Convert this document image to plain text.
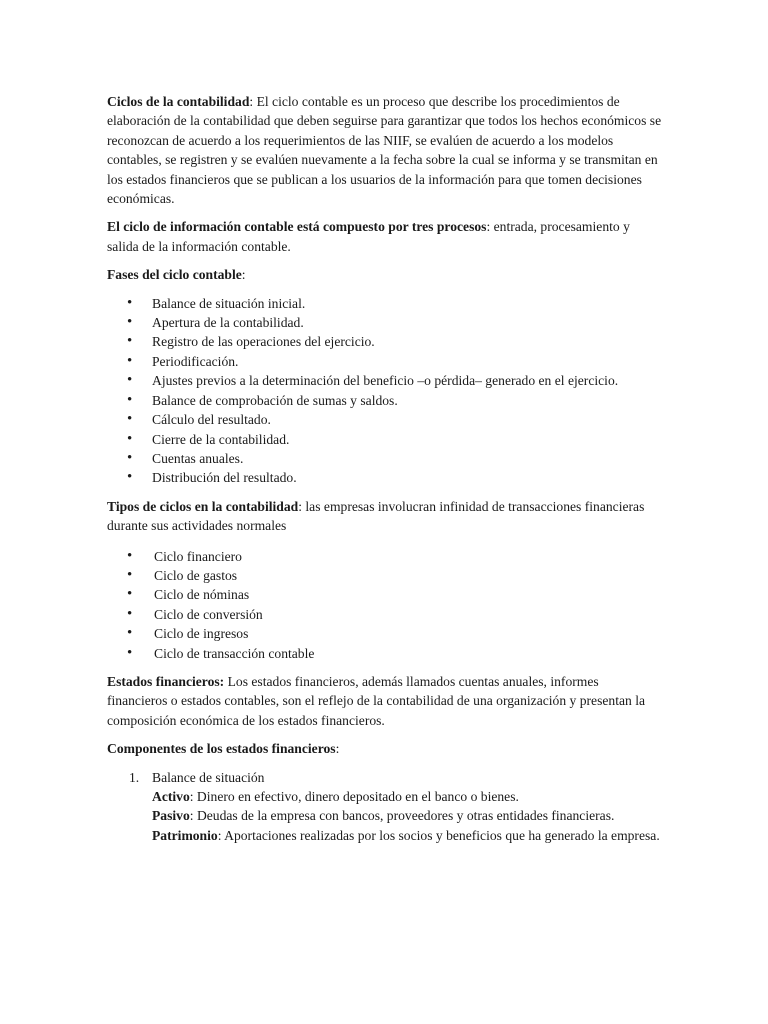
Ciclos de la contabilidad: El ciclo contable es un proceso que describe los procedimientos de elaboración de la contabilidad que deben seguirse para garantizar que todos los hechos económicos se reconozcan de acuerdo a los requerimientos de las NIIF, se evalúen de acuerdo a los modelos contables, se registren y se evalúen nuevamente a la fecha sobre la cual se informa y se transmitan en los estados financieros que se publican a los usuarios de la información para que tomen decisiones económicas.

El ciclo de información contable está compuesto por tres procesos: entrada, procesamiento y salida de la información contable.

Fases del ciclo contable:

• Balance de situación inicial.
• Apertura de la contabilidad.
• Registro de las operaciones del ejercicio.
• Periodificación.
• Ajustes previos a la determinación del beneficio –o pérdida– generado en el ejercicio.
• Balance de comprobación de sumas y saldos.
• Cálculo del resultado.
• Cierre de la contabilidad.
• Cuentas anuales.
• Distribución del resultado.

Tipos de ciclos en la contabilidad: las empresas involucran infinidad de transacciones financieras durante sus actividades normales

• Ciclo financiero
• Ciclo de gastos
• Ciclo de nóminas
• Ciclo de conversión
• Ciclo de ingresos
• Ciclo de transacción contable

Estados financieros: Los estados financieros, además llamados cuentas anuales, informes financieros o estados contables, son el reflejo de la contabilidad de una organización y presentan la composición económica de los estados financieros.

Componentes de los estados financieros:

1. Balance de situación
Activo: Dinero en efectivo, dinero depositado en el banco o bienes.
Pasivo: Deudas de la empresa con bancos, proveedores y otras entidades financieras.
Patrimonio: Aportaciones realizadas por los socios y beneficios que ha generado la empresa.
